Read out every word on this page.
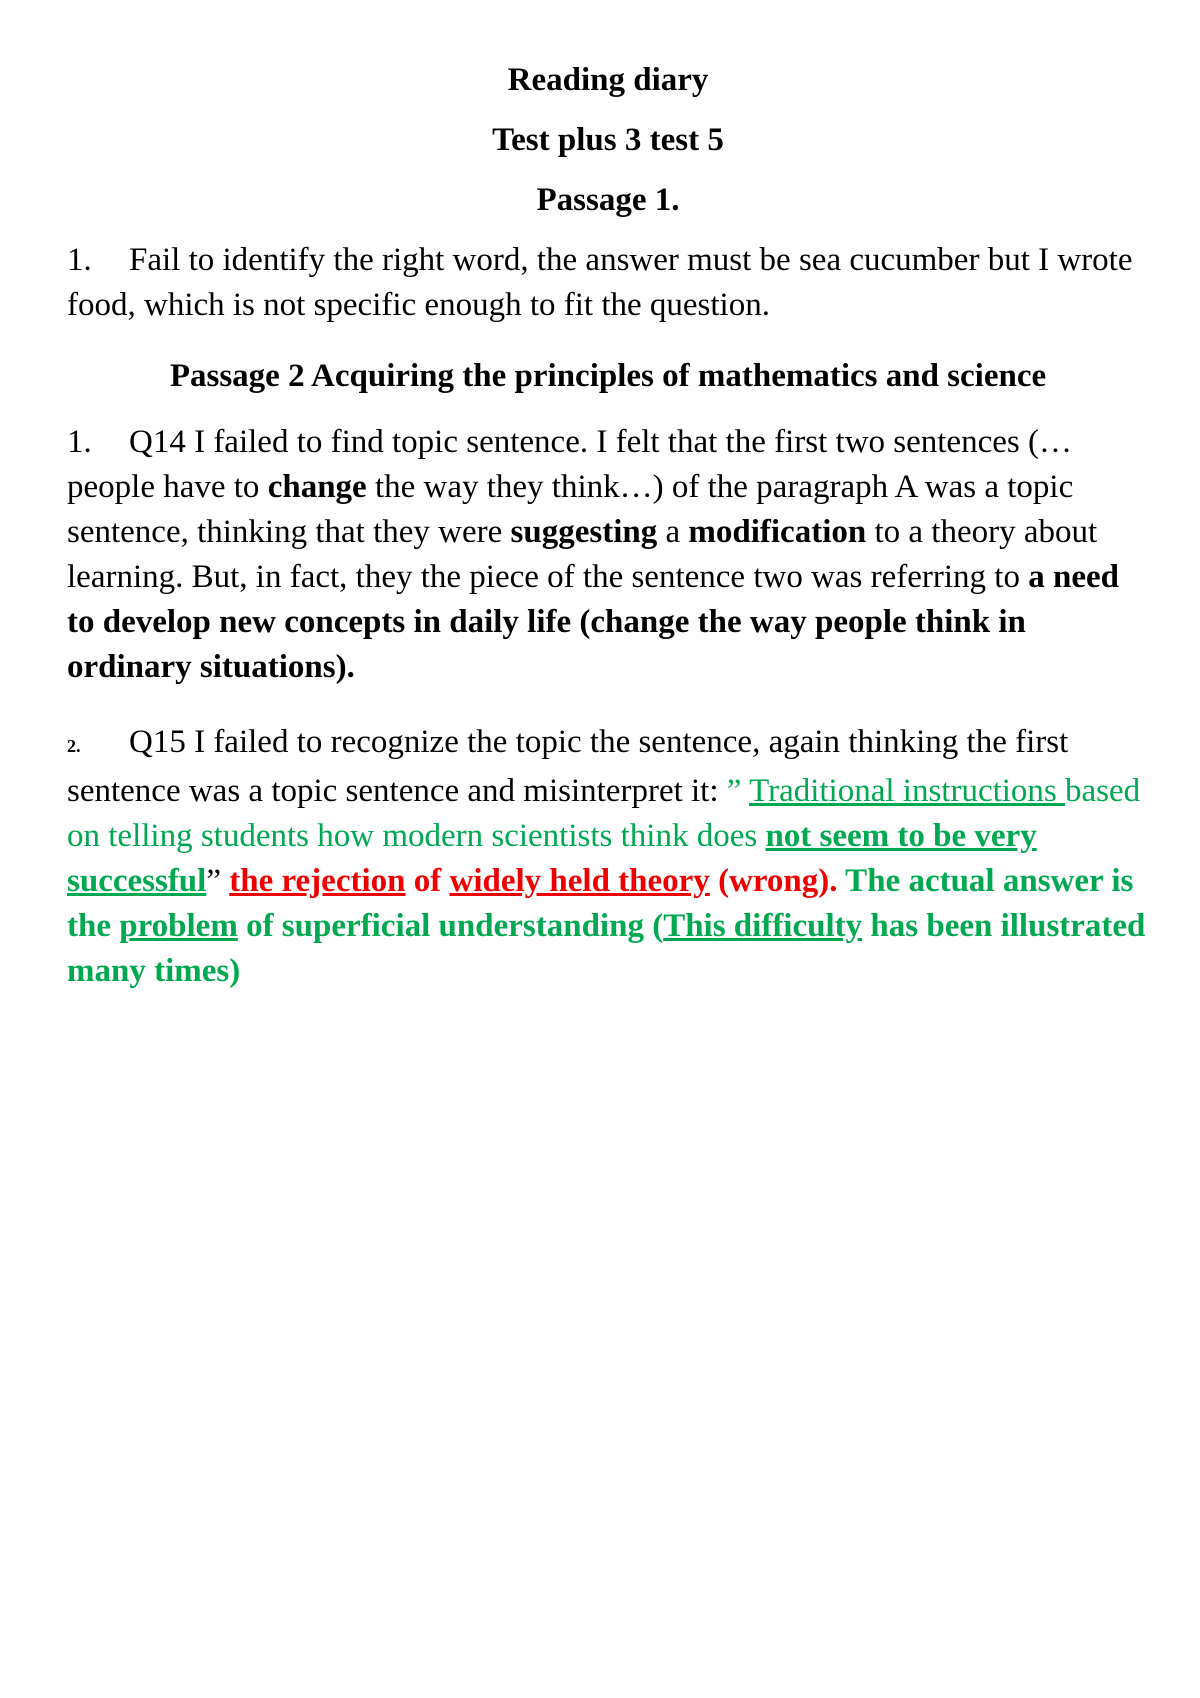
Reading diary

Test plus 3 test 5

Passage 1.

1. Fail to identify the right word, the answer must be sea cucumber but I wrote food, which is not specific enough to fit the question.

Passage 2 Acquiring the principles of mathematics and science

1. Q14 I failed to find topic sentence. I felt that the first two sentences (…people have to change the way they think…) of the paragraph A was a topic sentence, thinking that they were suggesting a modification to a theory about learning. But, in fact, they the piece of the sentence two was referring to a need to develop new concepts in daily life (change the way people think in ordinary situations).

2. Q15 I failed to recognize the topic the sentence, again thinking the first sentence was a topic sentence and misinterpret it: ” Traditional instructions based on telling students how modern scientists think does not seem to be very successful” the rejection of widely held theory (wrong). The actual answer is the problem of superficial understanding (This difficulty has been illustrated many times)
